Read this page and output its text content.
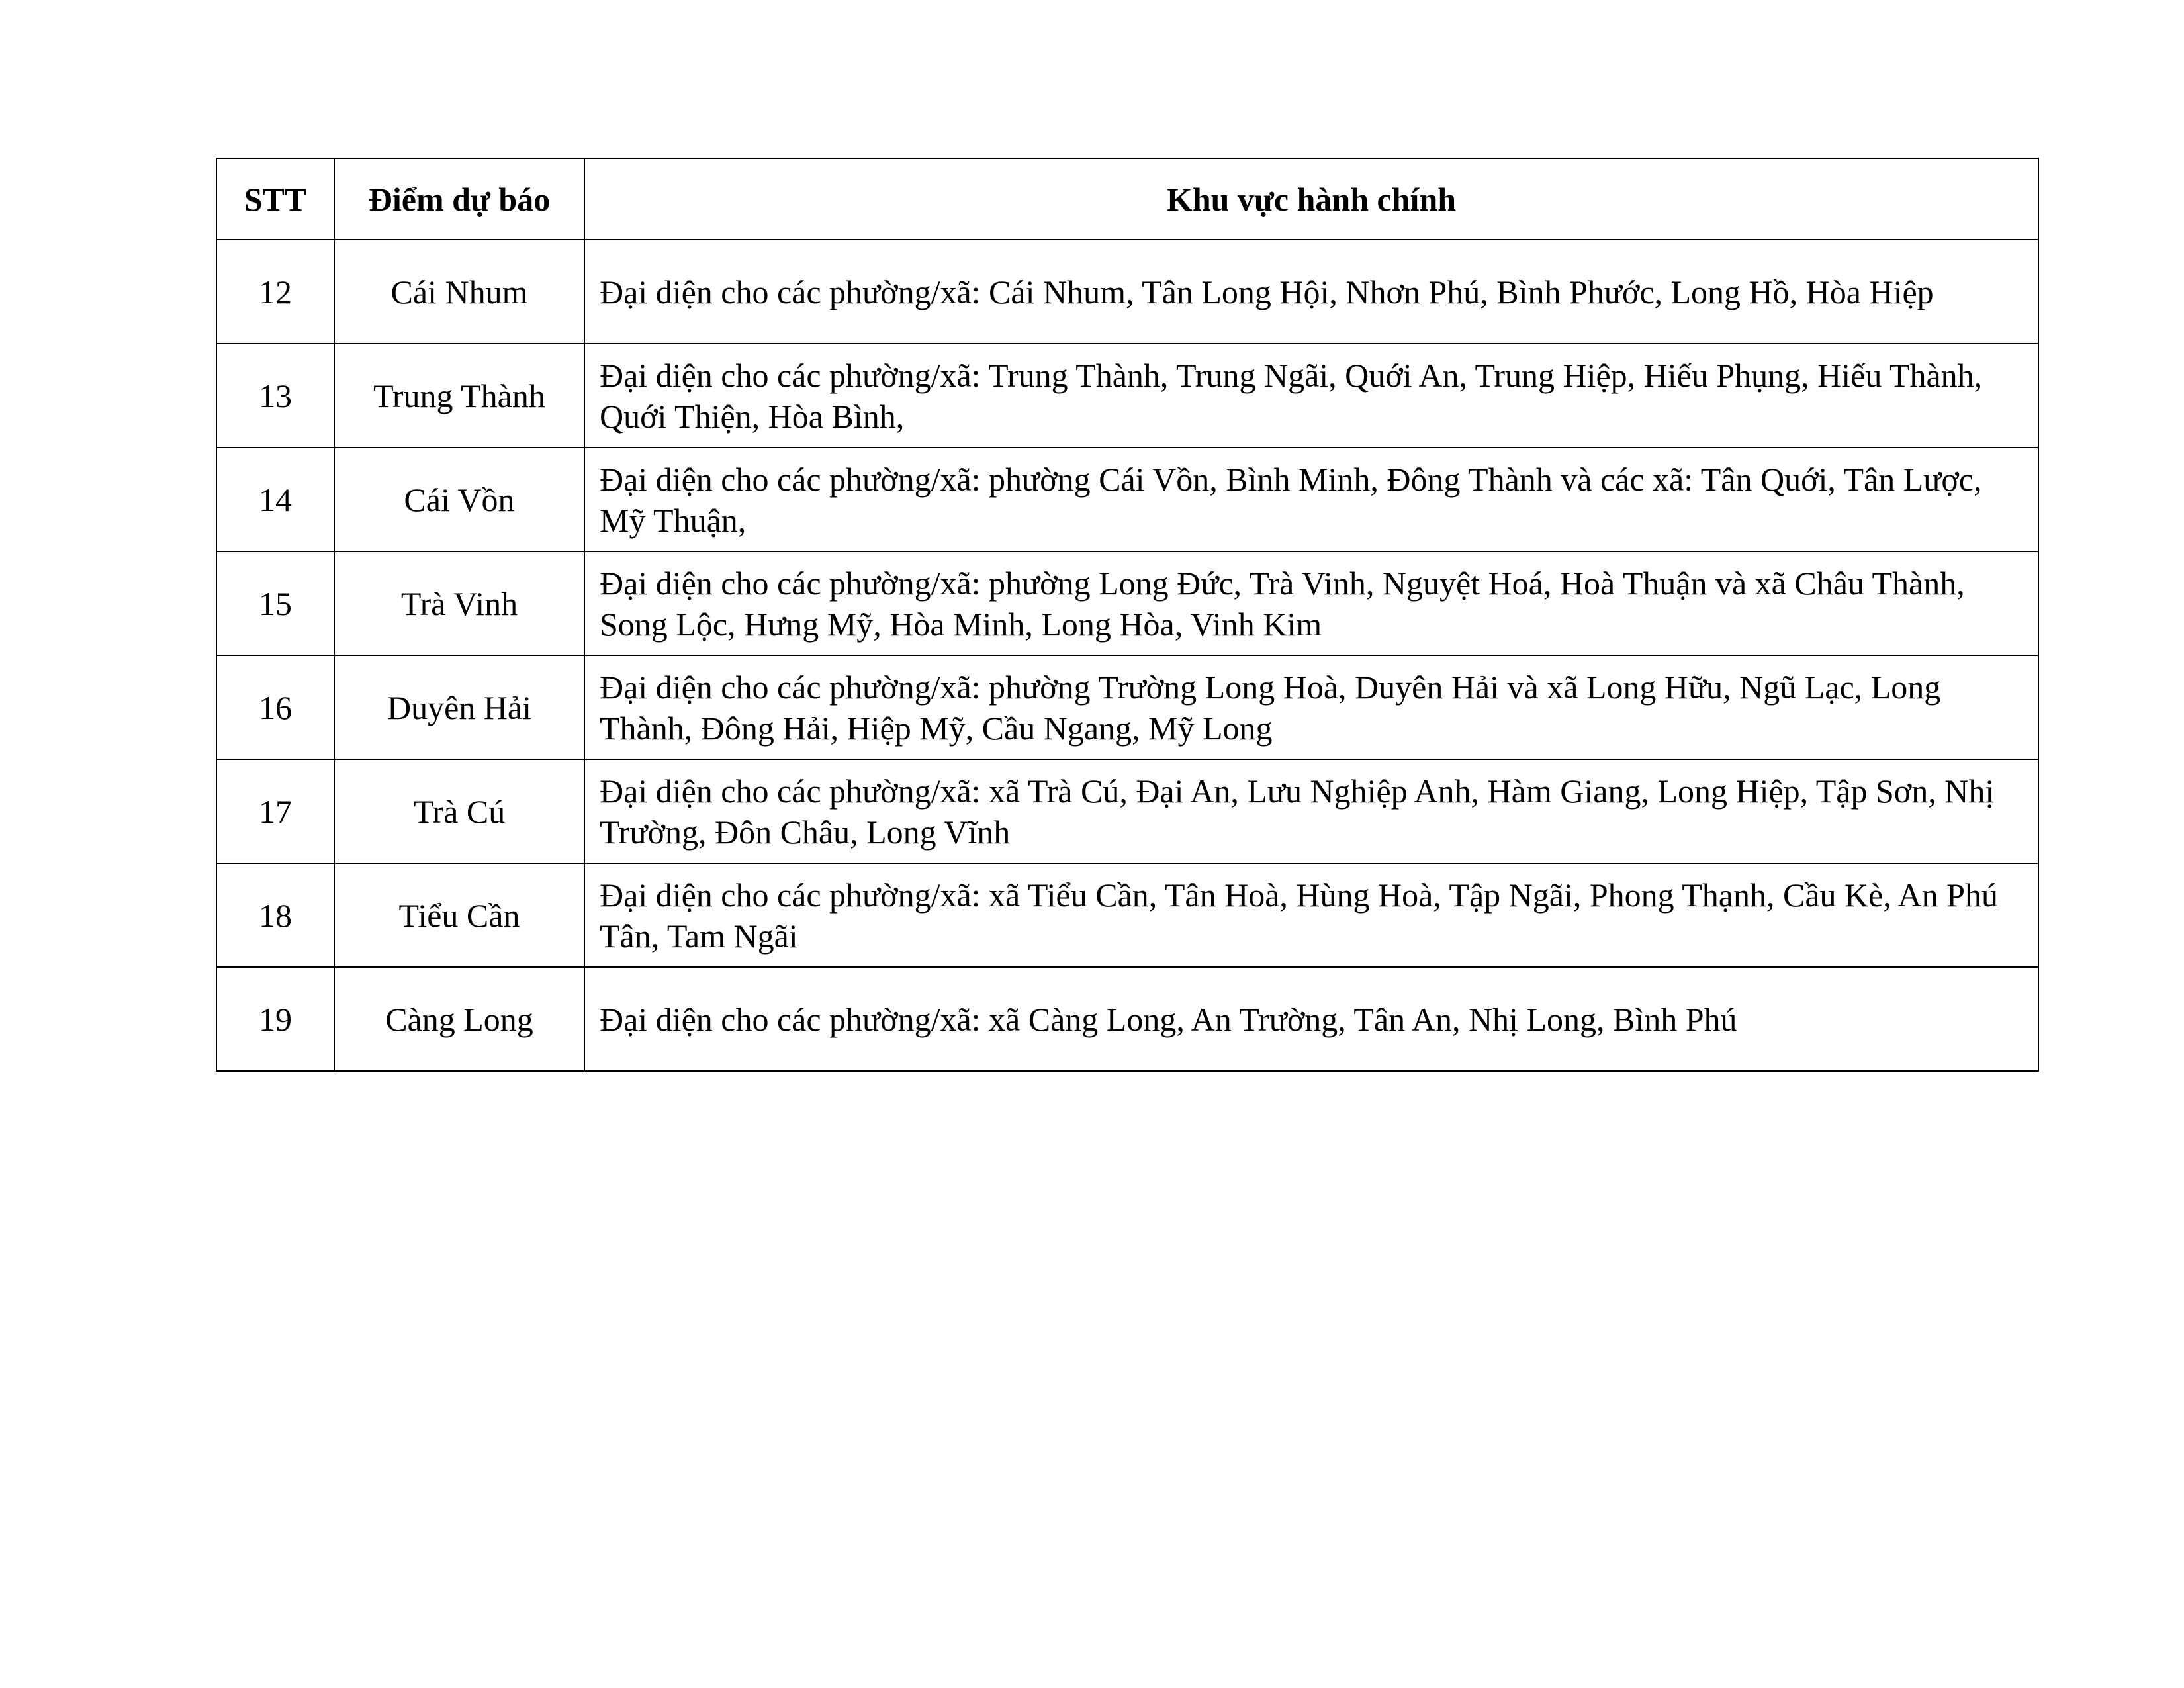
STT	Điểm dự báo	Khu vực hành chính
12	Cái Nhum	Đại diện cho các phường/xã: Cái Nhum, Tân Long Hội, Nhơn Phú, Bình Phước, Long Hồ, Hòa Hiệp
13	Trung Thành	Đại diện cho các phường/xã: Trung Thành, Trung Ngãi, Quới An, Trung Hiệp, Hiếu Phụng, Hiếu Thành, Quới Thiện, Hòa Bình,
14	Cái Vồn	Đại diện cho các phường/xã: phường Cái Vồn, Bình Minh, Đông Thành và các xã: Tân Quới, Tân Lược, Mỹ Thuận,
15	Trà Vinh	Đại diện cho các phường/xã: phường Long Đức, Trà Vinh, Nguyệt Hoá, Hoà Thuận và xã Châu Thành, Song Lộc, Hưng Mỹ, Hòa Minh, Long Hòa, Vinh Kim
16	Duyên Hải	Đại diện cho các phường/xã: phường Trường Long Hoà, Duyên Hải và xã Long Hữu, Ngũ Lạc, Long Thành, Đông Hải, Hiệp Mỹ, Cầu Ngang, Mỹ Long
17	Trà Cú	Đại diện cho các phường/xã: xã Trà Cú, Đại An, Lưu Nghiệp Anh, Hàm Giang, Long Hiệp, Tập Sơn, Nhị Trường, Đôn Châu, Long Vĩnh
18	Tiểu Cần	Đại diện cho các phường/xã: xã Tiểu Cần, Tân Hoà, Hùng Hoà, Tập Ngãi, Phong Thạnh, Cầu Kè, An Phú Tân, Tam Ngãi
19	Càng Long	Đại diện cho các phường/xã: xã Càng Long, An Trường, Tân An, Nhị Long, Bình Phú
